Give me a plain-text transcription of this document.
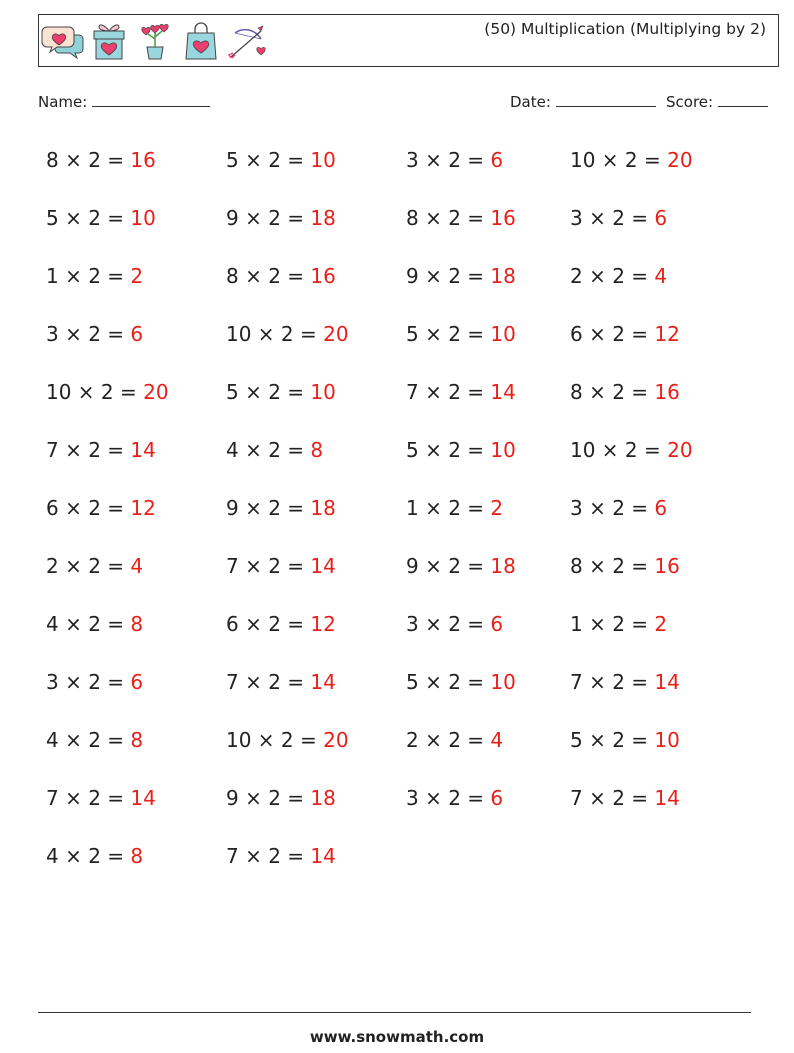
(50) Multiplication (Multiplying by 2)
Name:	Date:	Score:
8 × 2 = 16
5 × 2 = 10
1 × 2 = 2
3 × 2 = 6
10 × 2 = 20
7 × 2 = 14
6 × 2 = 12
2 × 2 = 4
4 × 2 = 8
3 × 2 = 6
4 × 2 = 8
7 × 2 = 14
4 × 2 = 8
5 × 2 = 10
9 × 2 = 18
8 × 2 = 16
10 × 2 = 20
5 × 2 = 10
4 × 2 = 8
9 × 2 = 18
7 × 2 = 14
6 × 2 = 12
7 × 2 = 14
10 × 2 = 20
9 × 2 = 18
7 × 2 = 14
3 × 2 = 6
8 × 2 = 16
9 × 2 = 18
5 × 2 = 10
7 × 2 = 14
5 × 2 = 10
1 × 2 = 2
9 × 2 = 18
3 × 2 = 6
5 × 2 = 10
2 × 2 = 4
3 × 2 = 6
10 × 2 = 20
3 × 2 = 6
2 × 2 = 4
6 × 2 = 12
8 × 2 = 16
10 × 2 = 20
3 × 2 = 6
8 × 2 = 16
1 × 2 = 2
7 × 2 = 14
5 × 2 = 10
7 × 2 = 14
www.snowmath.com
